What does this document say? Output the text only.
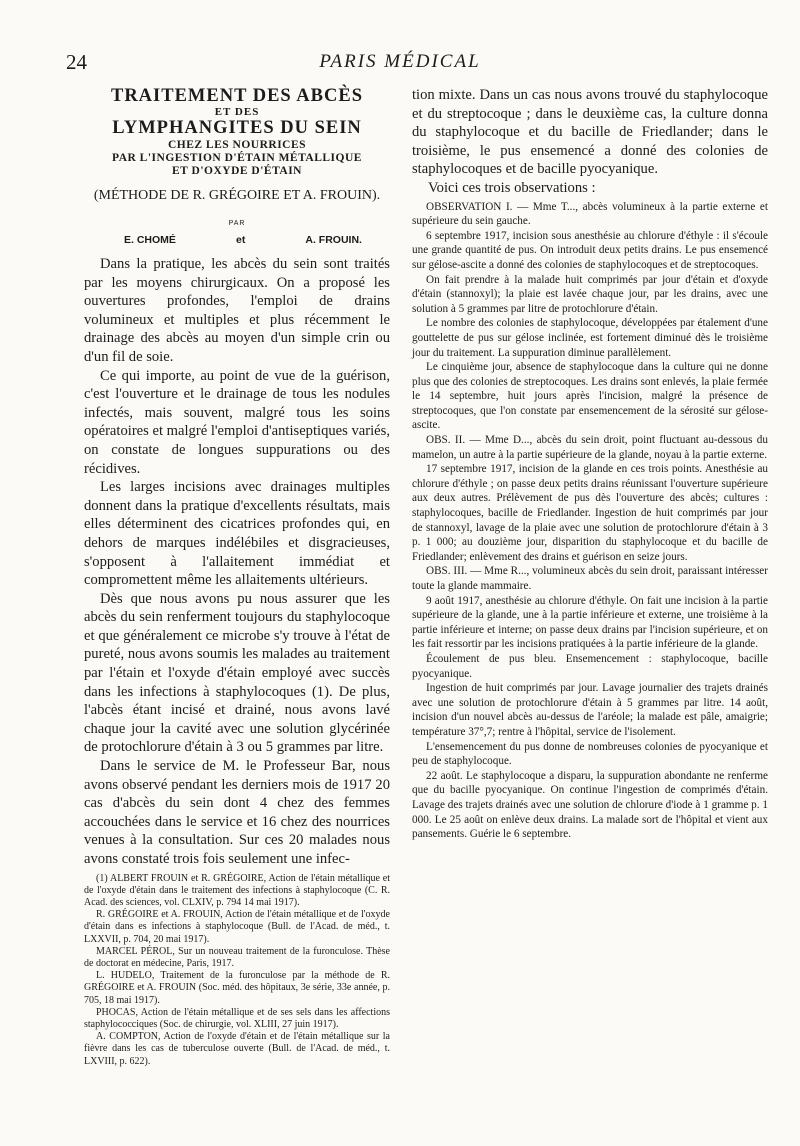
24	PARIS MÉDICAL
TRAITEMENT DES ABCÈS
ET DES
LYMPHANGITES DU SEIN
CHEZ LES NOURRICES
PAR L'INGESTION D'ÉTAIN MÉTALLIQUE
ET D'OXYDE D'ÉTAIN
(MÉTHODE DE R. GRÉGOIRE ET A. FROUIN).
PAR
E. CHOMÉ	et	A. FROUIN.

Dans la pratique, les abcès du sein sont traités par les moyens chirurgicaux. On a proposé les ouvertures profondes, l'emploi de drains volumineux et multiples et plus récemment le drainage des abcès au moyen d'un simple crin ou d'un fil de soie.

Ce qui importe, au point de vue de la guérison, c'est l'ouverture et le drainage de tous les nodules infectés, mais souvent, malgré tous les soins opératoires et malgré l'emploi d'antiseptiques variés, on constate de longues suppurations ou des récidives.

Les larges incisions avec drainages multiples donnent dans la pratique d'excellents résultats, mais elles déterminent des cicatrices profondes qui, en dehors de marques indélébiles et disgracieuses, s'opposent à l'allaitement immédiat et compromettent même les allaitements ultérieurs.

Dès que nous avons pu nous assurer que les abcès du sein renferment toujours du staphylocoque et que généralement ce microbe s'y trouve à l'état de pureté, nous avons soumis les malades au traitement par l'étain et l'oxyde d'étain employé avec succès dans les infections à staphylocoques (1). De plus, l'abcès étant incisé et drainé, nous avons lavé chaque jour la cavité avec une solution glycérinée de protochlorure d'étain à 3 ou 5 grammes par litre.

Dans le service de M. le Professeur Bar, nous avons observé pendant les derniers mois de 1917 20 cas d'abcès du sein dont 4 chez des femmes accouchées dans le service et 16 chez des nourrices venues à la consultation. Sur ces 20 malades nous avons constaté trois fois seulement une infec-

(1) ALBERT FROUIN et R. GRÉGOIRE, Action de l'étain métallique et de l'oxyde d'étain dans le traitement des infections à staphylocoque (C. R. Acad. des sciences, vol. CLXIV, p. 794 14 mai 1917).

R. GRÉGOIRE et A. FROUIN, Action de l'étain métallique et de l'oxyde d'étain dans es infections à staphylocoque (Bull. de l'Acad. de méd., t. LXXVII, p. 704, 20 mai 1917).

MARCEL PÉROL, Sur un nouveau traitement de la furonculose. Thèse de doctorat en médecine, Paris, 1917.

L. HUDELO, Traitement de la furonculose par la méthode de R. GRÉGOIRE et A. FROUIN (Soc. méd. des hôpitaux, 3e série, 33e année, p. 705, 18 mai 1917).

PHOCAS, Action de l'étain métallique et de ses sels dans les affections staphylococciques (Soc. de chirurgie, vol. XLIII, 27 juin 1917).

A. COMPTON, Action de l'oxyde d'étain et de l'étain métallique sur la fièvre dans les cas de tuberculose ouverte (Bull. de l'Acad. de méd., t. LXVIII, p. 622).

tion mixte. Dans un cas nous avons trouvé du staphylocoque et du streptocoque ; dans le deuxième cas, la culture donna du staphylocoque et du bacille de Friedlander; dans le troisième, le pus ensemencé a donné des colonies de staphylocoques et de bacille pyocyanique.

Voici ces trois observations :

OBSERVATION I. — Mme T..., abcès volumineux à la partie externe et supérieure du sein gauche.

6 septembre 1917, incision sous anesthésie au chlorure d'éthyle : il s'écoule une grande quantité de pus. On introduit deux petits drains. Le pus ensemencé sur gélose-ascite a donné des colonies de staphylocoques et de streptocoques.

On fait prendre à la malade huit comprimés par jour d'étain et d'oxyde d'étain (stannoxyl); la plaie est lavée chaque jour, par les drains, avec une solution à 5 grammes par litre de protochlorure d'étain.

Le nombre des colonies de staphylocoque, développées par étalement d'une gouttelette de pus sur gélose inclinée, est fortement diminué dès le troisième jour du traitement. La suppuration diminue parallèlement.

Le cinquième jour, absence de staphylocoque dans la culture qui ne donne plus que des colonies de streptocoques. Les drains sont enlevés, la plaie fermée le 14 septembre, huit jours après l'incision, malgré la présence de streptocoques, que l'on constate par ensemencement de la sérosité sur gélose-ascite.

OBS. II. — Mme D..., abcès du sein droit, point fluctuant au-dessous du mamelon, un autre à la partie supérieure de la glande, noyau à la partie externe.

17 septembre 1917, incision de la glande en ces trois points. Anesthésie au chlorure d'éthyle ; on passe deux petits drains réunissant l'ouverture supérieure aux deux autres. Prélèvement de pus dès l'ouverture des abcès; cultures : staphylocoques, bacille de Friedlander. Ingestion de huit comprimés par jour de stannoxyl, lavage de la plaie avec une solution de protochlorure d'étain à 3 p. 1 000; au douzième jour, disparition du staphylocoque et du bacille de Friedlander; enlèvement des drains et guérison en seize jours.

OBS. III. — Mme R..., volumineux abcès du sein droit, paraissant intéresser toute la glande mammaire.

9 août 1917, anesthésie au chlorure d'éthyle. On fait une incision à la partie supérieure de la glande, une à la partie inférieure et externe, une troisième à la partie inférieure et interne; on passe deux drains par l'incision supérieure, et on les fait ressortir par les incisions pratiquées à la partie inférieure de la glande.

Écoulement de pus bleu. Ensemencement : staphylocoque, bacille pyocyanique.

Ingestion de huit comprimés par jour. Lavage journalier des trajets drainés avec une solution de protochlorure d'étain à 5 grammes par litre. 14 août, incision d'un nouvel abcès au-dessus de l'aréole; la malade est pâle, amaigrie; température 37°,7; rentre à l'hôpital, service de l'isolement.

L'ensemencement du pus donne de nombreuses colonies de pyocyanique et peu de staphylocoque.

22 août. Le staphylocoque a disparu, la suppuration abondante ne renferme que du bacille pyocyanique. On continue l'ingestion de comprimés d'étain. Lavage des trajets drainés avec une solution de chlorure d'iode à 1 gramme p. 1 000. Le 25 août on enlève deux drains. La malade sort de l'hôpital et vient aux pansements. Guérie le 6 septembre.
